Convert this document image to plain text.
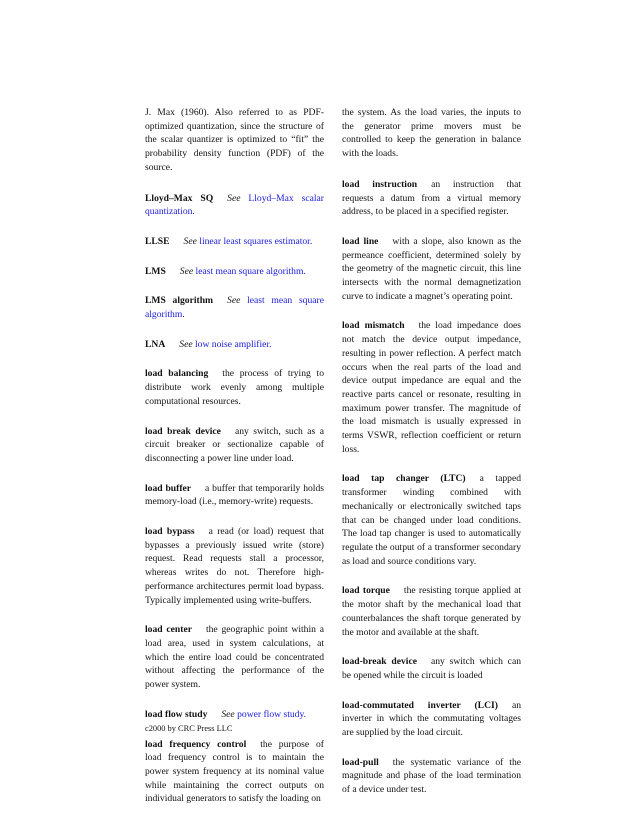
J. Max (1960). Also referred to as PDF-optimized quantization, since the structure of the scalar quantizer is optimized to “fit” the probability density function (PDF) of the source.

Lloyd–Max SQ See Lloyd–Max scalar quantization.

LLSE See linear least squares estimator.

LMS See least mean square algorithm.

LMS algorithm See least mean square algorithm.

LNA See low noise amplifier.

load balancing the process of trying to distribute work evenly among multiple computational resources.

load break device any switch, such as a circuit breaker or sectionalize capable of disconnecting a power line under load.

load buffer a buffer that temporarily holds memory-load (i.e., memory-write) requests.

load bypass a read (or load) request that bypasses a previously issued write (store) request. Read requests stall a processor, whereas writes do not. Therefore high-performance architectures permit load bypass. Typically implemented using write-buffers.

load center the geographic point within a load area, used in system calculations, at which the entire load could be concentrated without affecting the performance of the power system.

load flow study See power flow study.

load frequency control the purpose of load frequency control is to maintain the power system frequency at its nominal value while maintaining the correct outputs on individual generators to satisfy the loading on

the system. As the load varies, the inputs to the generator prime movers must be controlled to keep the generation in balance with the loads.

load instruction an instruction that requests a datum from a virtual memory address, to be placed in a specified register.

load line with a slope, also known as the permeance coefficient, determined solely by the geometry of the magnetic circuit, this line intersects with the normal demagnetization curve to indicate a magnet’s operating point.

load mismatch the load impedance does not match the device output impedance, resulting in power reflection. A perfect match occurs when the real parts of the load and device output impedance are equal and the reactive parts cancel or resonate, resulting in maximum power transfer. The magnitude of the load mismatch is usually expressed in terms VSWR, reflection coefficient or return loss.

load tap changer (LTC) a tapped transformer winding combined with mechanically or electronically switched taps that can be changed under load conditions. The load tap changer is used to automatically regulate the output of a transformer secondary as load and source conditions vary.

load torque the resisting torque applied at the motor shaft by the mechanical load that counterbalances the shaft torque generated by the motor and available at the shaft.

load-break device any switch which can be opened while the circuit is loaded

load-commutated inverter (LCI) an inverter in which the commutating voltages are supplied by the load circuit.

load-pull the systematic variance of the magnitude and phase of the load termination of a device under test.

c2000 by CRC Press LLC
